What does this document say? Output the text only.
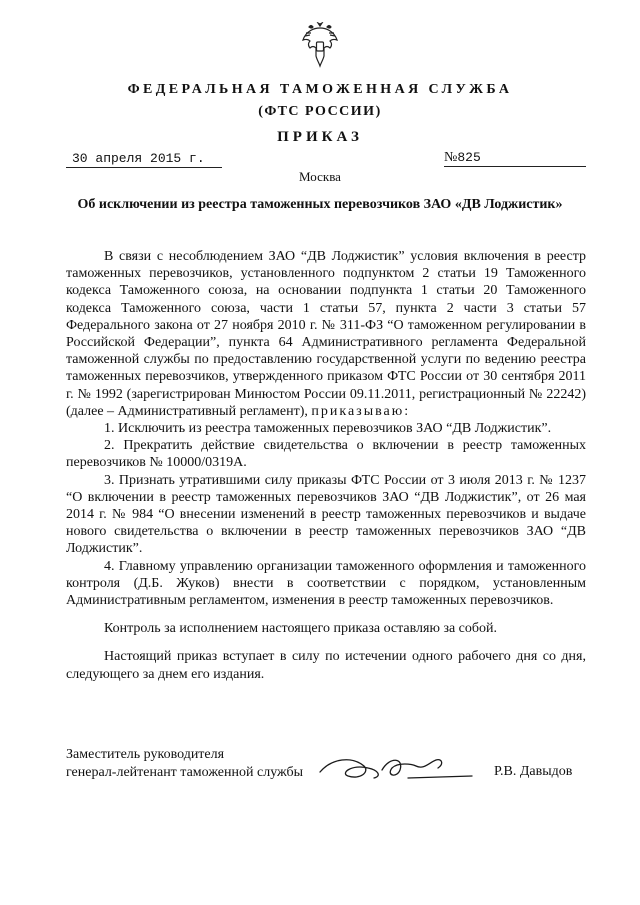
ФЕДЕРАЛЬНАЯ ТАМОЖЕННАЯ СЛУЖБА
(ФТС РОССИИ)
ПРИКАЗ
30 апреля 2015 г.	№825
Москва
Об исключении из реестра таможенных перевозчиков ЗАО «ДВ Лоджистик»

В связи с несоблюдением ЗАО “ДВ Лоджистик” условия включения в реестр таможенных перевозчиков, установленного подпунктом 2 статьи 19 Таможенного кодекса Таможенного союза, на основании подпункта 1 статьи 20 Таможенного кодекса Таможенного союза, части 1 статьи 57, пункта 2 части 3 статьи 57 Федерального закона от 27 ноября 2010 г. № 311-ФЗ “О таможенном регулировании в Российской Федерации”, пункта 64 Административного регламента Федеральной таможенной службы по предоставлению государственной услуги по ведению реестра таможенных перевозчиков, утвержденного приказом ФТС России от 30 сентября 2011 г. № 1992 (зарегистрирован Минюстом России 09.11.2011, регистрационный № 22242) (далее – Административный регламент), приказываю:

1. Исключить из реестра таможенных перевозчиков ЗАО “ДВ Лоджистик”.

2. Прекратить действие свидетельства о включении в реестр таможенных перевозчиков № 10000/0319А.

3. Признать утратившими силу приказы ФТС России от 3 июля 2013 г. № 1237 “О включении в реестр таможенных перевозчиков ЗАО “ДВ Лоджистик”, от 26 мая 2014 г. № 984 “О внесении изменений в реестр таможенных перевозчиков и выдаче нового свидетельства о включении в реестр таможенных перевозчиков ЗАО “ДВ Лоджистик”.

4. Главному управлению организации таможенного оформления и таможенного контроля (Д.Б. Жуков) внести в соответствии с порядком, установленным Административным регламентом, изменения в реестр таможенных перевозчиков.

Контроль за исполнением настоящего приказа оставляю за собой.

Настоящий приказ вступает в силу по истечении одного рабочего дня со дня, следующего за днем его издания.

Заместитель руководителя
генерал-лейтенант таможенной службы	Р.В. Давыдов
